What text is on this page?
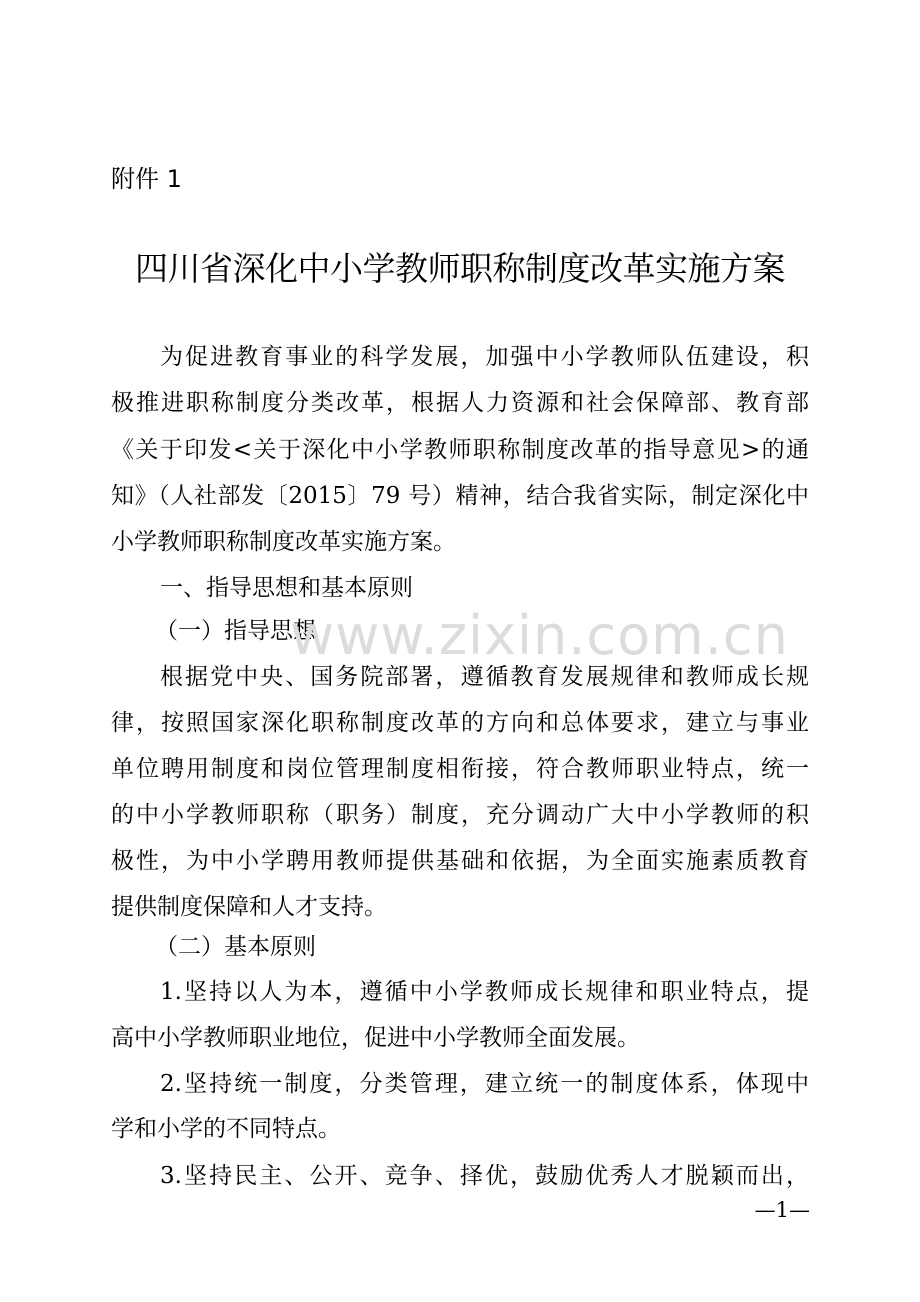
附件 1
四川省深化中小学教师职称制度改革实施方案

为促进教育事业的科学发展，加强中小学教师队伍建设，积

极推进职称制度分类改革，根据人力资源和社会保障部、教育部

《关于印发<关于深化中小学教师职称制度改革的指导意见>的通

知》（人社部发〔2015〕79 号）精神，结合我省实际，制定深化中

小学教师职称制度改革实施方案。

一、指导思想和基本原则
（一）指导思想

根据党中央、国务院部署，遵循教育发展规律和教师成长规

律，按照国家深化职称制度改革的方向和总体要求，建立与事业

单位聘用制度和岗位管理制度相衔接，符合教师职业特点，统一

的中小学教师职称（职务）制度，充分调动广大中小学教师的积

极性，为中小学聘用教师提供基础和依据，为全面实施素质教育

提供制度保障和人才支持。

（二）基本原则

1.坚持以人为本，遵循中小学教师成长规律和职业特点，提

高中小学教师职业地位，促进中小学教师全面发展。

2.坚持统一制度，分类管理，建立统一的制度体系，体现中

学和小学的不同特点。

3.坚持民主、公开、竞争、择优，鼓励优秀人才脱颖而出，

—1—
www.zixin.com.cn
